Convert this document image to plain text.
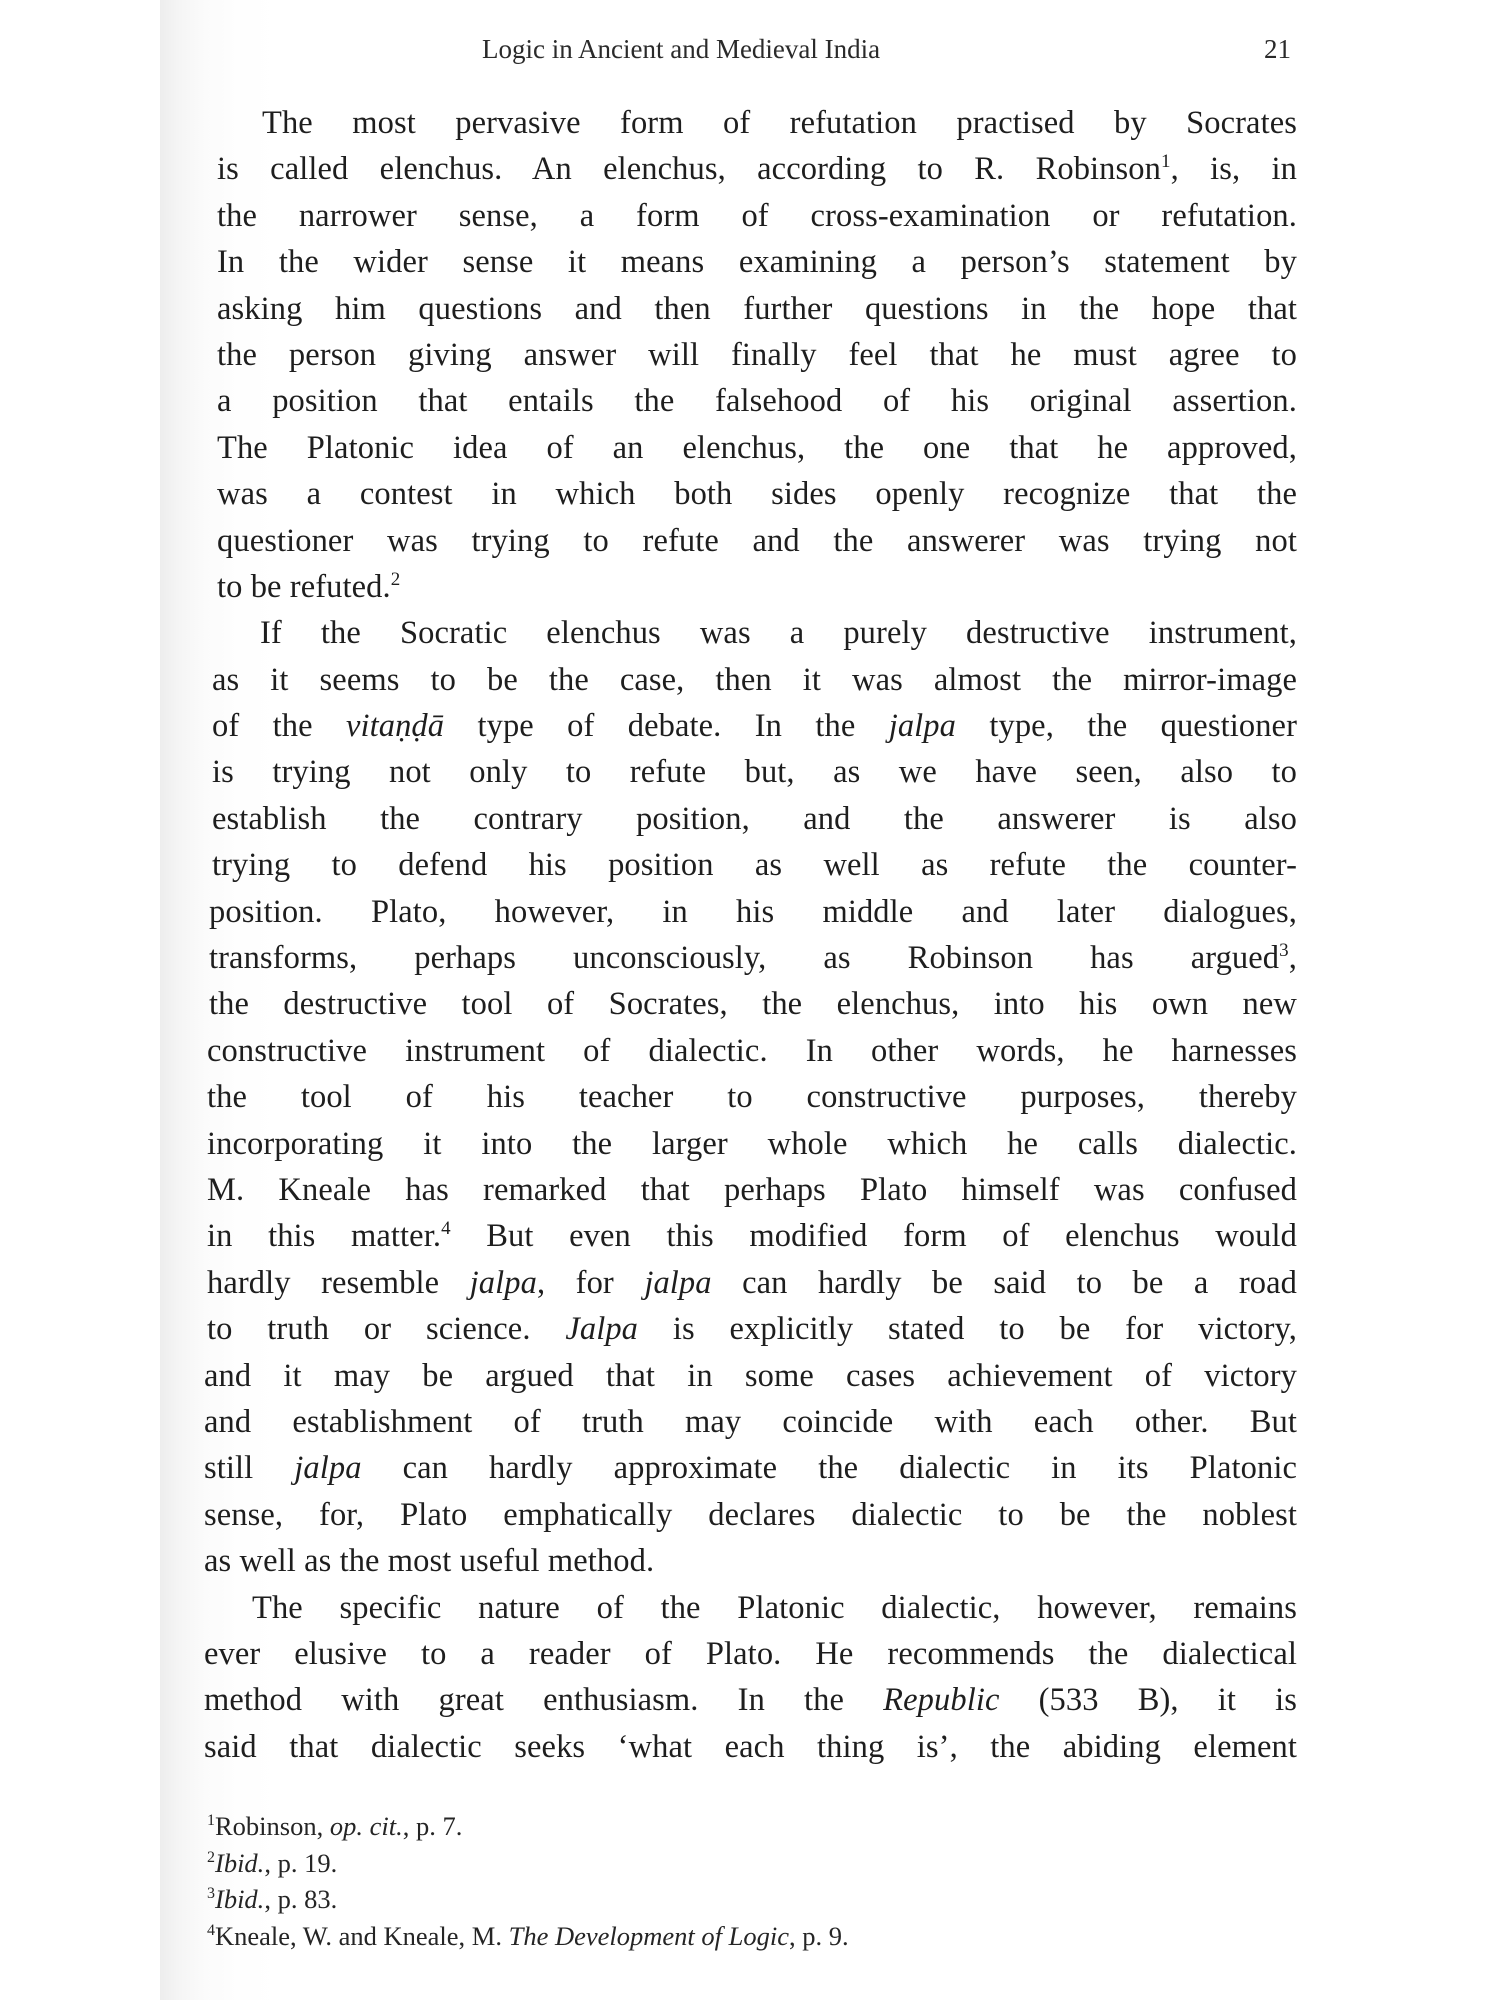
Logic in Ancient and Medieval India	21
The most pervasive form of refutation practised by Socrates
is called elenchus. An elenchus, according to R. Robinson$^1$, is, in
the narrower sense, a form of cross-examination or refutation.
In the wider sense it means examining a person’s statement by
asking him questions and then further questions in the hope that
the person giving answer will finally feel that he must agree to
a position that entails the falsehood of his original assertion.
The Platonic idea of an elenchus, the one that he approved,
was a contest in which both sides openly recognize that the
questioner was trying to refute and the answerer was trying not
to be refuted.$^2$
If the Socratic elenchus was a purely destructive instrument,
as it seems to be the case, then it was almost the mirror-image
of the vitaṇḍā type of debate. In the jalpa type, the questioner
is trying not only to refute but, as we have seen, also to
establish the contrary position, and the answerer is also
trying to defend his position as well as refute the counter-
position. Plato, however, in his middle and later dialogues,
transforms, perhaps unconsciously, as Robinson has argued$^3$,
the destructive tool of Socrates, the elenchus, into his own new
constructive instrument of dialectic. In other words, he harnesses
the tool of his teacher to constructive purposes, thereby
incorporating it into the larger whole which he calls dialectic.
M. Kneale has remarked that perhaps Plato himself was confused
in this matter.$^4$ But even this modified form of elenchus would
hardly resemble jalpa, for jalpa can hardly be said to be a road
to truth or science. Jalpa is explicitly stated to be for victory,
and it may be argued that in some cases achievement of victory
and establishment of truth may coincide with each other. But
still jalpa can hardly approximate the dialectic in its Platonic
sense, for, Plato emphatically declares dialectic to be the noblest
as well as the most useful method.
The specific nature of the Platonic dialectic, however, remains
ever elusive to a reader of Plato. He recommends the dialectical
method with great enthusiasm. In the Republic (533 B), it is
said that dialectic seeks ‘what each thing is’, the abiding element
$^1$Robinson, op. cit., p. 7.
$^2$Ibid., p. 19.
$^3$Ibid., p. 83.
$^4$Kneale, W. and Kneale, M. The Development of Logic, p. 9.
